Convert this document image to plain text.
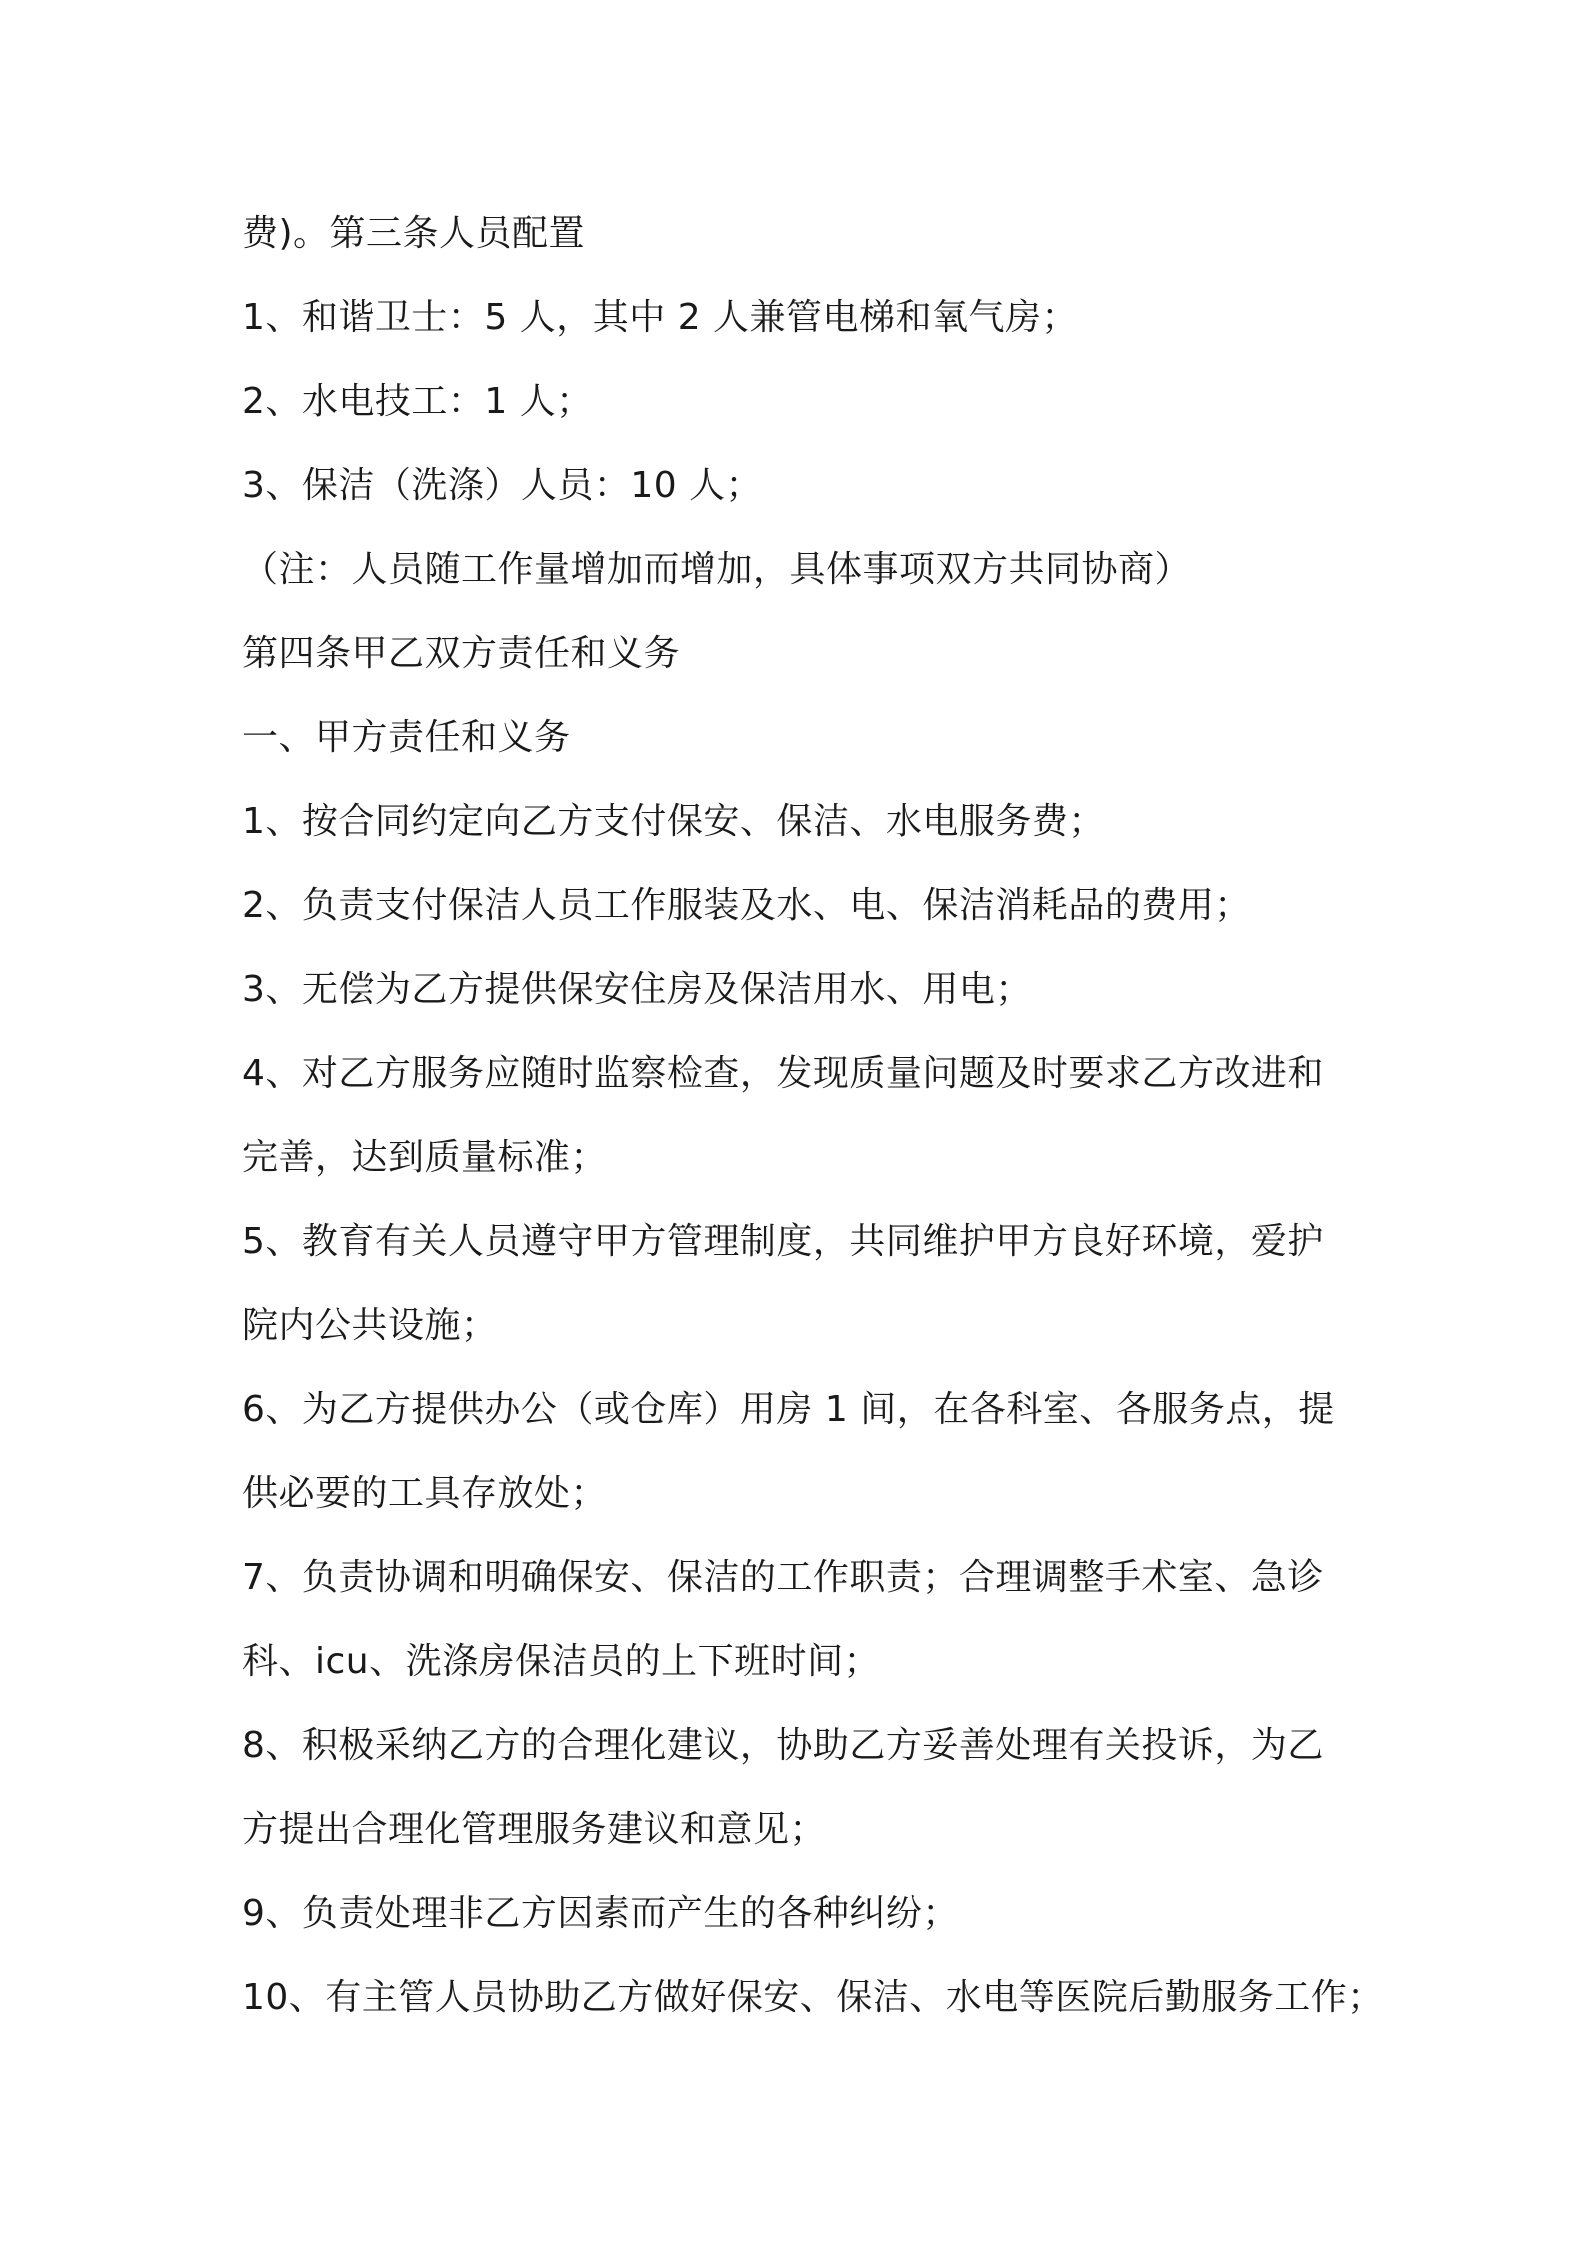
费)。第三条人员配置
1、和谐卫士：5 人，其中 2 人兼管电梯和氧气房；
2、水电技工：1 人；
3、保洁（洗涤）人员：10 人；
（注：人员随工作量增加而增加，具体事项双方共同协商）
第四条甲乙双方责任和义务
一、甲方责任和义务
1、按合同约定向乙方支付保安、保洁、水电服务费；
2、负责支付保洁人员工作服装及水、电、保洁消耗品的费用；
3、无偿为乙方提供保安住房及保洁用水、用电；
4、对乙方服务应随时监察检查，发现质量问题及时要求乙方改进和
完善，达到质量标准；
5、教育有关人员遵守甲方管理制度，共同维护甲方良好环境，爱护
院内公共设施；
6、为乙方提供办公（或仓库）用房 1 间，在各科室、各服务点，提
供必要的工具存放处；
7、负责协调和明确保安、保洁的工作职责；合理调整手术室、急诊
科、icu、洗涤房保洁员的上下班时间；
8、积极采纳乙方的合理化建议，协助乙方妥善处理有关投诉，为乙
方提出合理化管理服务建议和意见；
9、负责处理非乙方因素而产生的各种纠纷；
10、有主管人员协助乙方做好保安、保洁、水电等医院后勤服务工作；
